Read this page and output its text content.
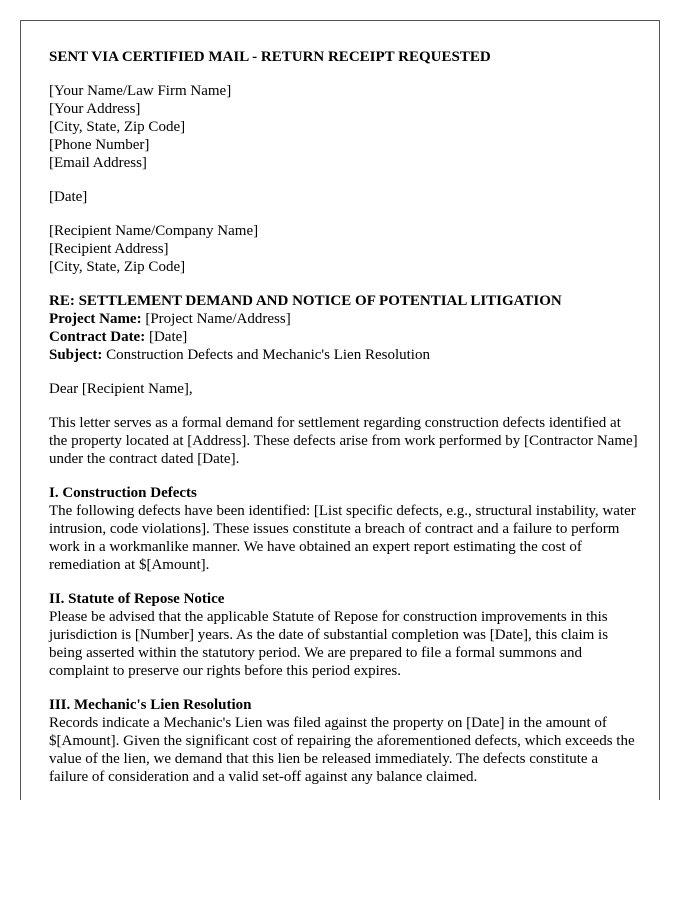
SENT VIA CERTIFIED MAIL - RETURN RECEIPT REQUESTED
[Your Name/Law Firm Name]
[Your Address]
[City, State, Zip Code]
[Phone Number]
[Email Address]
[Date]
[Recipient Name/Company Name]
[Recipient Address]
[City, State, Zip Code]
RE: SETTLEMENT DEMAND AND NOTICE OF POTENTIAL LITIGATION
Project Name: [Project Name/Address]
Contract Date: [Date]
Subject: Construction Defects and Mechanic's Lien Resolution
Dear [Recipient Name],

This letter serves as a formal demand for settlement regarding construction defects identified at the property located at [Address]. These defects arise from work performed by [Contractor Name] under the contract dated [Date].

I. Construction Defects

The following defects have been identified: [List specific defects, e.g., structural instability, water intrusion, code violations]. These issues constitute a breach of contract and a failure to perform work in a workmanlike manner. We have obtained an expert report estimating the cost of remediation at $[Amount].

II. Statute of Repose Notice

Please be advised that the applicable Statute of Repose for construction improvements in this jurisdiction is [Number] years. As the date of substantial completion was [Date], this claim is being asserted within the statutory period. We are prepared to file a formal summons and complaint to preserve our rights before this period expires.

III. Mechanic's Lien Resolution

Records indicate a Mechanic's Lien was filed against the property on [Date] in the amount of $[Amount]. Given the significant cost of repairing the aforementioned defects, which exceeds the value of the lien, we demand that this lien be released immediately. The defects constitute a failure of consideration and a valid set-off against any balance claimed.
